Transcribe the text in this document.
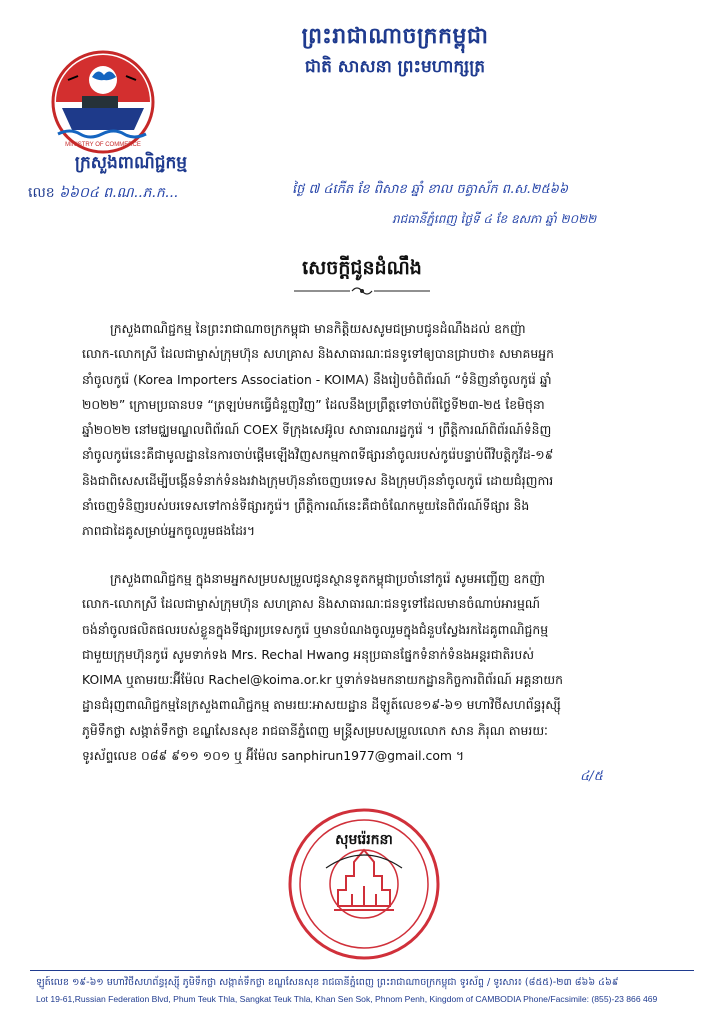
ព្រះរាជាណាចក្រកម្ពុជា
ជាតិ សាសនា ព្រះមហាក្សត្រ
MINISTRY OF COMMERCE
ក្រសួងពាណិជ្ជកម្ម
លេខ ៦៦០៤ ព.ណ..ភ.ក...	ថ្ងៃ ៧ ៤កើត ខែ ពិសាខ ឆ្នាំ ខាល ចត្វាស័ក ព.ស.២៥៦៦
រាជធានីភ្នំពេញ ថ្ងៃទី ៤ ខែ ឧសភា ឆ្នាំ ២០២២
សេចក្តីជូនដំណឹង
ក្រសួងពាណិជ្ជកម្ម នៃព្រះរាជាណាចក្រកម្ពុជា មានកិត្តិយសសូមជម្រាបជូនដំណឹងដល់ ឧកញ៉ា
លោក-លោកស្រី ដែលជាម្ចាស់ក្រុមហ៊ុន សហគ្រាស និងសាធារណៈជនទូទៅឲ្យបានជ្រាបថា៖ សមាគមអ្នក
នាំចូលកូរ៉េ (Korea Importers Association - KOIMA) នឹងរៀបចំពិព័រណ៍ “ទំនិញនាំចូលកូរ៉េ ឆ្នាំ
២០២២” ក្រោមប្រធានបទ “ត្រឡប់មកធ្វើជំនួញវិញ” ដែលនឹងប្រព្រឹត្តទៅចាប់ពីថ្ងៃទី២៣-២៥ ខែមិថុនា
ឆ្នាំ២០២២ នៅមជ្ឈមណ្ឌលពិព័រណ៍ COEX ទីក្រុងសេអ៊ូល សាធារណរដ្ឋកូរ៉េ ។ ព្រឹត្តិការណ៍ពិព័រណ៍ទំនិញ
នាំចូលកូរ៉េនេះគឺជាមូលដ្ឋាននៃការចាប់ផ្តើមឡើងវិញសកម្មភាពទីផ្សារនាំចូលរបស់កូរ៉េបន្ទាប់ពីវិបត្តិកូវីដ-១៩
និងជាពិសេសដើម្បីបង្កើនទំនាក់ទំនងរវាងក្រុមហ៊ុននាំចេញបរទេស និងក្រុមហ៊ុននាំចូលកូរ៉េ ដោយជំរុញការ
នាំចេញទំនិញរបស់បរទេសទៅកាន់ទីផ្សារកូរ៉េ។ ព្រឹត្តិការណ៍នេះគឺជាចំណែកមួយនៃពិព័រណ៍ទីផ្សារ និង
ភាពជាដៃគូសម្រាប់អ្នកចូលរួមផងដែរ។
ក្រសួងពាណិជ្ជកម្ម ក្នុងនាមអ្នកសម្របសម្រួលជូនស្ថានទូតកម្ពុជាប្រចាំនៅកូរ៉េ សូមអញ្ជើញ ឧកញ៉ា
លោក-លោកស្រី ដែលជាម្ចាស់ក្រុមហ៊ុន សហគ្រាស និងសាធារណៈជនទូទៅដែលមានចំណាប់អារម្មណ៍
ចង់នាំចូលផលិតផលរបស់ខ្លួនក្នុងទីផ្សារប្រទេសកូរ៉េ ឬមានបំណងចូលរួមក្នុងជំនួបស្វែងរកដៃគូពាណិជ្ជកម្ម
ជាមួយក្រុមហ៊ុនកូរ៉េ សូមទាក់ទង Mrs. Rechal Hwang អនុប្រធានផ្នែកទំនាក់ទំនងអន្តរជាតិរបស់
KOIMA ឬតាមរយៈអ៊ីម៉ែល Rachel@koima.or.kr ឬទាក់ទងមកនាយកដ្ឋានកិច្ចការពិព័រណ៍ អគ្គនាយក
ដ្ឋានជំរុញពាណិជ្ជកម្មនៃក្រសួងពាណិជ្ជកម្ម តាមរយៈអាសយដ្ឋាន ដីឡូត៍លេខ១៩-៦១ មហាវិថីសហព័ន្ធរុស្ស៊ី
ភូមិទឹកថ្លា សង្កាត់ទឹកថ្លា ខណ្ឌសែនសុខ រាជធានីភ្នំពេញ មន្ត្រីសម្របសម្រួលលោក សាន ភិរុណ តាមរយៈ
ទូរស័ព្ទលេខ ០៨៩ ៩១១ ១០១ ឬ អ៊ីម៉ែល sanphirun1977@gmail.com ។
៤/៥
សុមរ៉េរកនា
ឡូត៍លេខ ១៩-៦១ មហាវិថីសហព័ន្ធរុស្ស៊ី ភូមិទឹកថ្លា សង្កាត់ទឹកថ្លា ខណ្ឌសែនសុខ រាជធានីភ្នំពេញ ព្រះរាជាណាចក្រកម្ពុជា ទូរស័ព្ទ / ទូរសារ៖ (៨៥៥)-២៣ ៨៦៦ ៤៦៩
Lot 19-61,Russian Federation Blvd, Phum Teuk Thla, Sangkat Teuk Thla, Khan Sen Sok, Phnom Penh, Kingdom of CAMBODIA Phone/Facsimile: (855)-23 866 469
